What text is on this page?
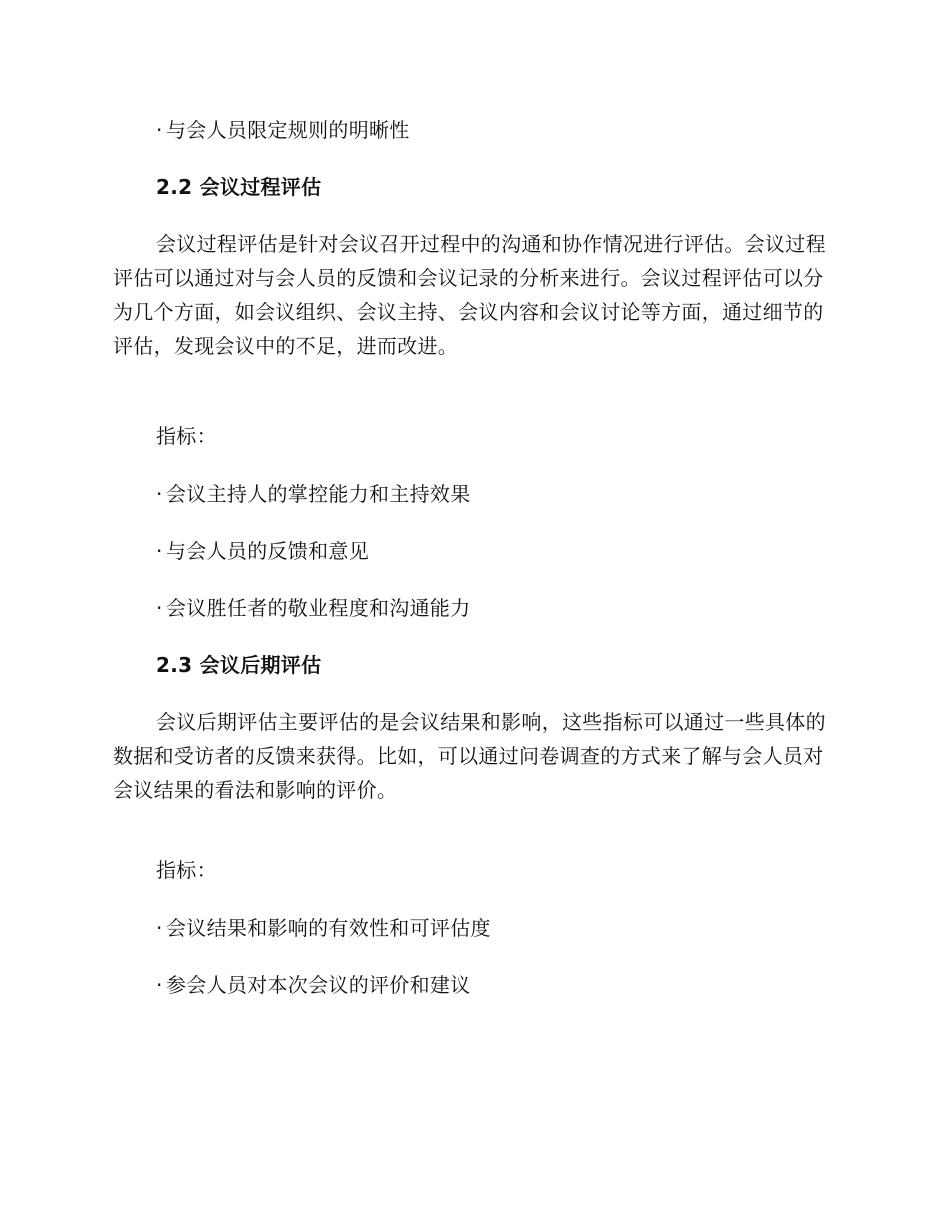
· 与会人员限定规则的明晰性
2.2 会议过程评估
会议过程评估是针对会议召开过程中的沟通和协作情况进行评估。会议过程评估可以通过对与会人员的反馈和会议记录的分析来进行。会议过程评估可以分为几个方面，如会议组织、会议主持、会议内容和会议讨论等方面，通过细节的评估，发现会议中的不足，进而改进。
指标：
· 会议主持人的掌控能力和主持效果
· 与会人员的反馈和意见
· 会议胜任者的敬业程度和沟通能力
2.3 会议后期评估
会议后期评估主要评估的是会议结果和影响，这些指标可以通过一些具体的数据和受访者的反馈来获得。比如，可以通过问卷调查的方式来了解与会人员对会议结果的看法和影响的评价。
指标：
· 会议结果和影响的有效性和可评估度
· 参会人员对本次会议的评价和建议
